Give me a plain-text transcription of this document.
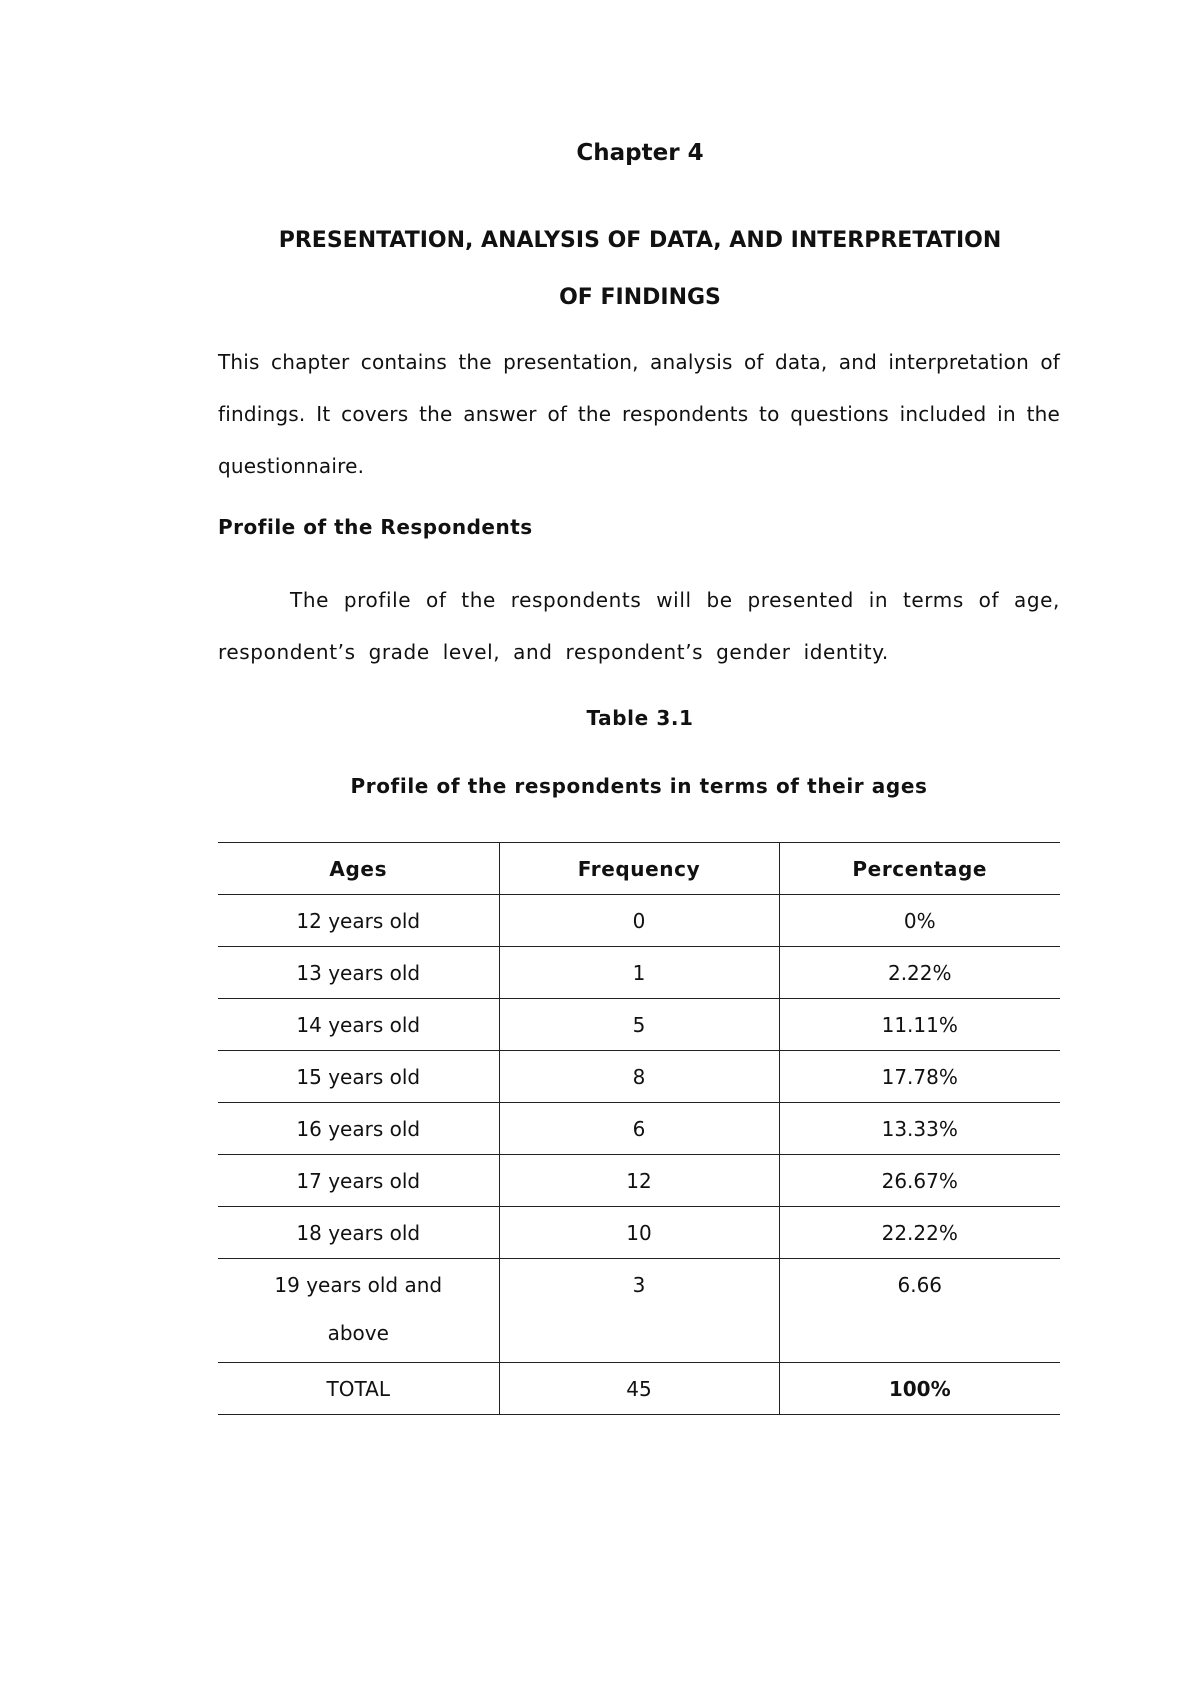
Chapter 4
PRESENTATION, ANALYSIS OF DATA, AND INTERPRETATION
OF FINDINGS

This chapter contains the presentation, analysis of data, and interpretation of findings. It covers the answer of the respondents to questions included in the questionnaire.

Profile of the Respondents

The profile of the respondents will be presented in terms of age, respondent’s grade level, and respondent’s gender identity.

Table 3.1
Profile of the respondents in terms of their ages
Ages	Frequency	Percentage
12 years old	0	0%
13 years old	1	2.22%
14 years old	5	11.11%
15 years old	8	17.78%
16 years old	6	13.33%
17 years old	12	26.67%
18 years old	10	22.22%

19 years old and
above	3	6.66
TOTAL	45	100%
